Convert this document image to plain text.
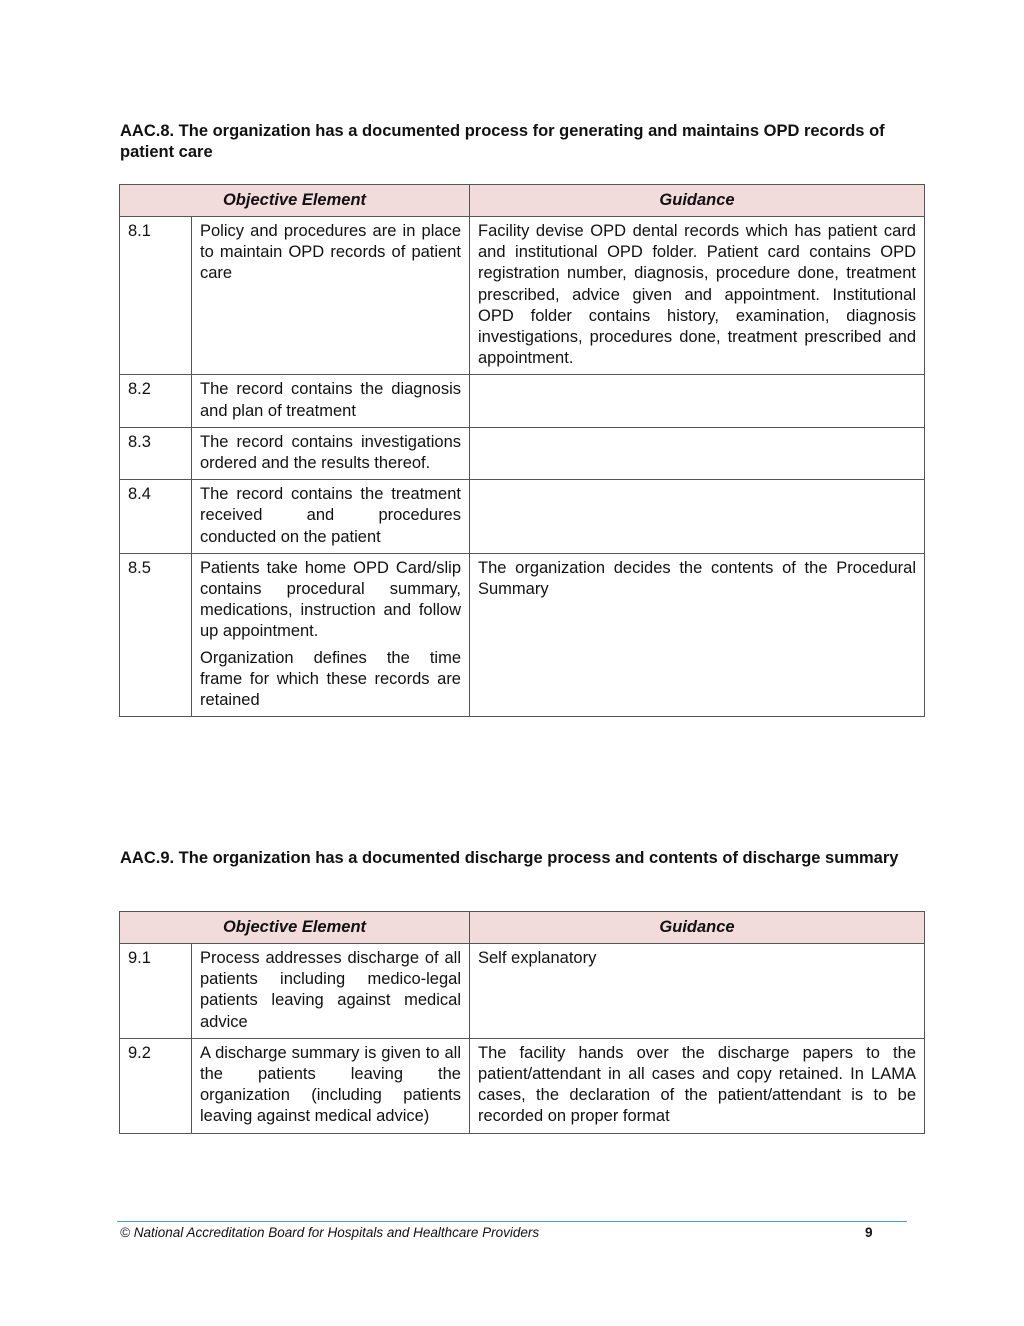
AAC.8. The organization has a documented process for generating and maintains OPD records of patient care
Objective Element		Guidance
8.1	Policy and procedures are in place to maintain OPD records of patient care	Facility devise OPD dental records which has patient card and institutional OPD folder. Patient card contains OPD registration number, diagnosis, procedure done, treatment prescribed, advice given and appointment. Institutional OPD folder contains history, examination, diagnosis investigations, procedures done, treatment prescribed and appointment.
8.2	The record contains the diagnosis and plan of treatment	

8.3	The record contains investigations ordered and the results thereof.	

8.4	The record contains the treatment received and procedures conducted on the patient	

8.5	Patients take home OPD Card/slip contains procedural summary, medications, instruction and follow up appointment.

Organization defines the time frame for which these records are retained	The organization decides the contents of the Procedural Summary
AAC.9. The organization has a documented discharge process and contents of discharge summary
Objective Element		Guidance
9.1	Process addresses discharge of all patients including medico-legal patients leaving against medical advice	Self explanatory
9.2	A discharge summary is given to all the patients leaving the organization (including patients leaving against medical advice)	The facility hands over the discharge papers to the patient/attendant in all cases and copy retained. In LAMA cases, the declaration of the patient/attendant is to be recorded on proper format
© National Accreditation Board for Hospitals and Healthcare Providers	9
